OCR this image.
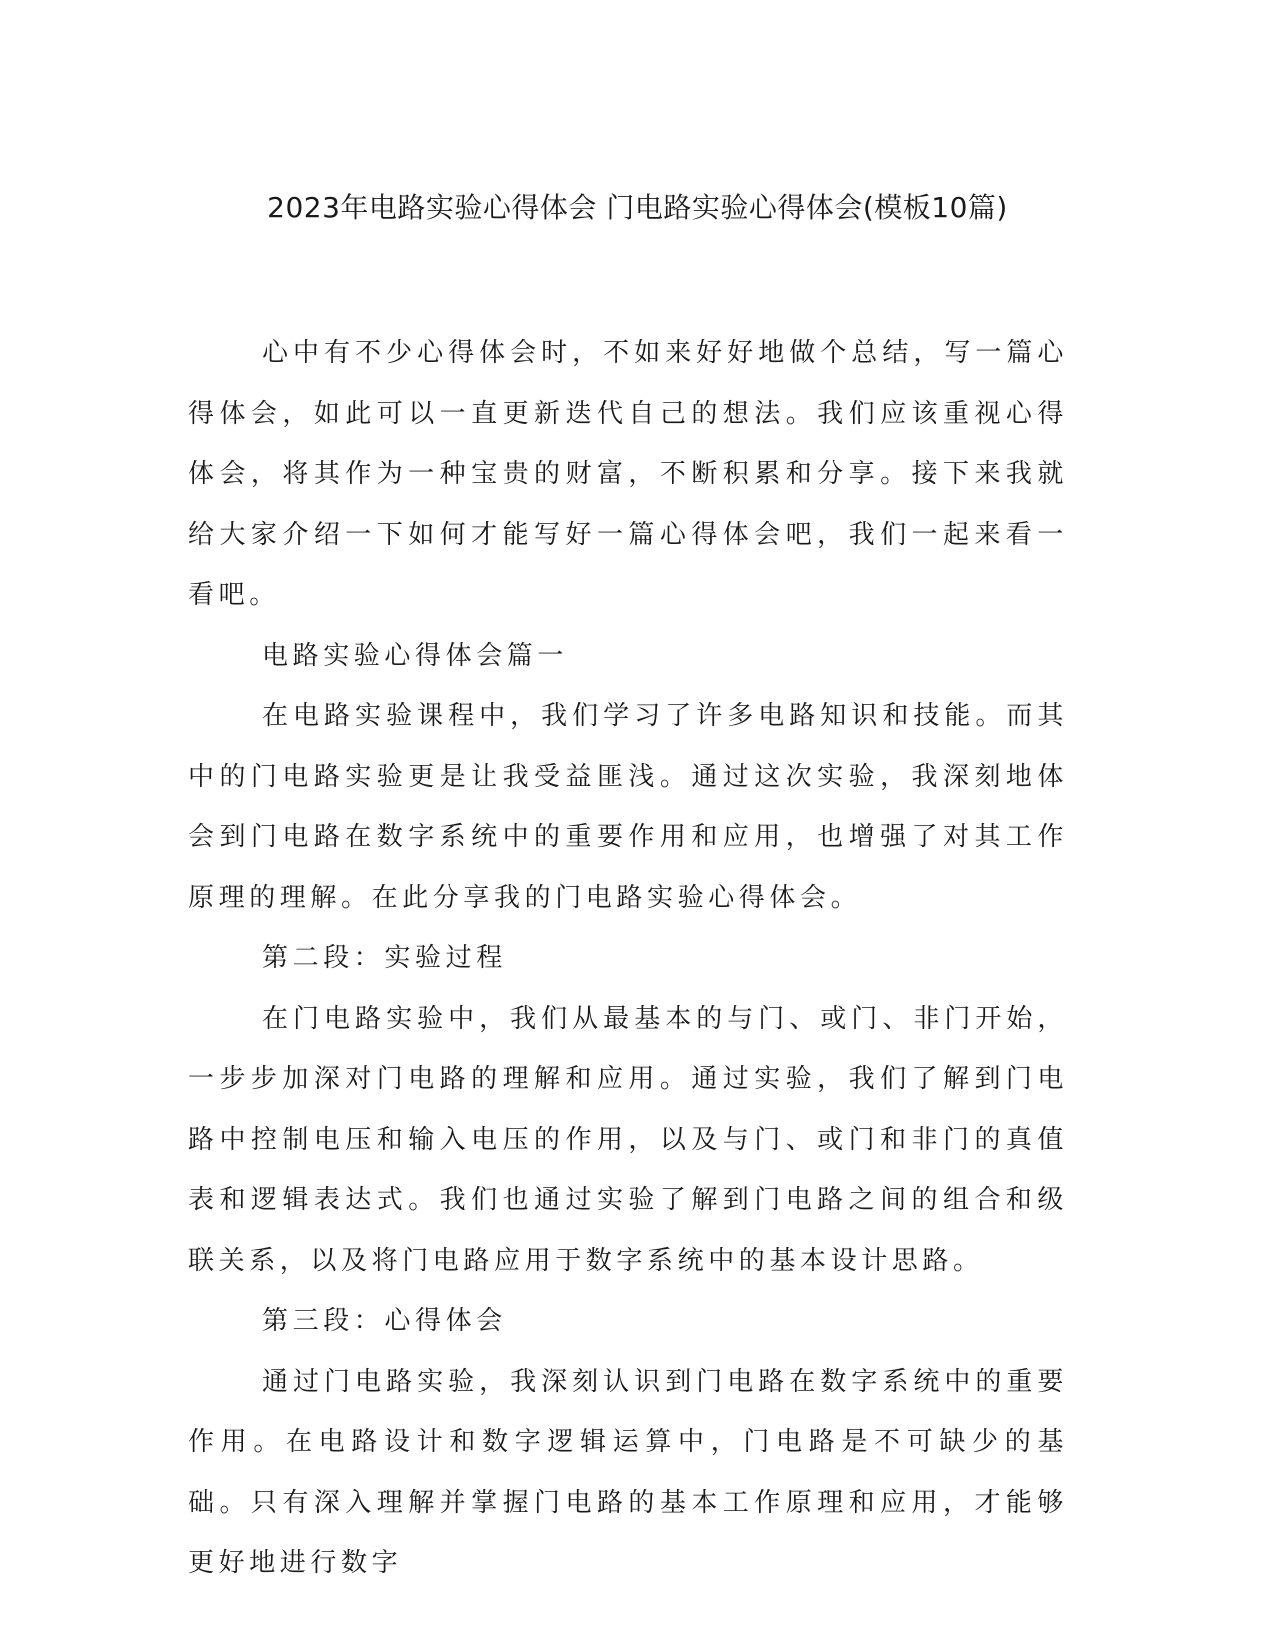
2023年电路实验心得体会 门电路实验心得体会(模板10篇)

心中有不少心得体会时，不如来好好地做个总结，写一篇心得体会，如此可以一直更新迭代自己的想法。我们应该重视心得体会，将其作为一种宝贵的财富，不断积累和分享。接下来我就给大家介绍一下如何才能写好一篇心得体会吧，我们一起来看一看吧。

电路实验心得体会篇一

在电路实验课程中，我们学习了许多电路知识和技能。而其中的门电路实验更是让我受益匪浅。通过这次实验，我深刻地体会到门电路在数字系统中的重要作用和应用，也增强了对其工作原理的理解。在此分享我的门电路实验心得体会。

第二段：实验过程

在门电路实验中，我们从最基本的与门、或门、非门开始，一步步加深对门电路的理解和应用。通过实验，我们了解到门电路中控制电压和输入电压的作用，以及与门、或门和非门的真值表和逻辑表达式。我们也通过实验了解到门电路之间的组合和级联关系，以及将门电路应用于数字系统中的基本设计思路。

第三段：心得体会

通过门电路实验，我深刻认识到门电路在数字系统中的重要作用。在电路设计和数字逻辑运算中，门电路是不可缺少的基础。只有深入理解并掌握门电路的基本工作原理和应用，才能够更好地进行数字
